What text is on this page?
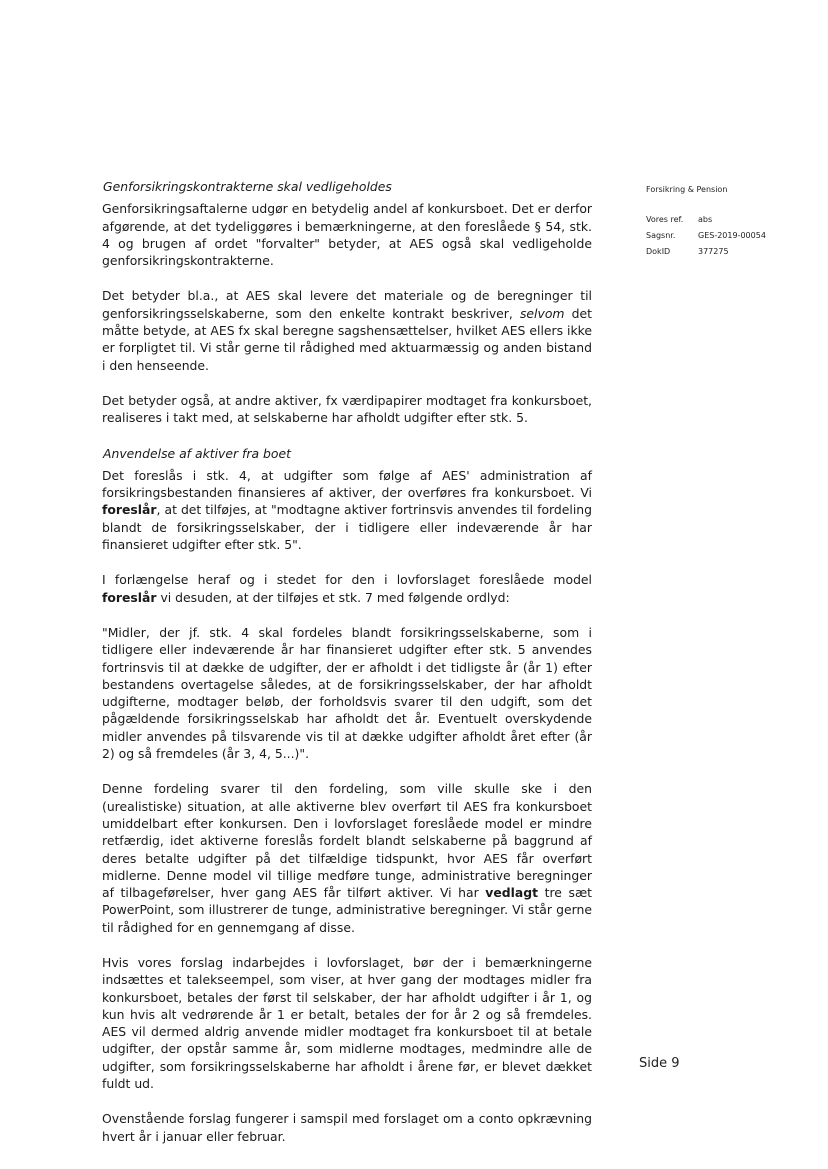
Forsikring & Pension
Vores ref.	abs
Sagsnr.	GES-2019-00054
DokID	377275
Genforsikringskontrakterne skal vedligeholdes

Genforsikringsaftalerne udgør en betydelig andel af konkursboet. Det er derfor afgørende, at det tydeliggøres i bemærkningerne, at den foreslåede § 54, stk. 4 og brugen af ordet "forvalter" betyder, at AES også skal vedligeholde genforsikringskontrakterne.

Det betyder bl.a., at AES skal levere det materiale og de beregninger til genforsikringsselskaberne, som den enkelte kontrakt beskriver, selvom det måtte betyde, at AES fx skal beregne sagshensættelser, hvilket AES ellers ikke er forpligtet til. Vi står gerne til rådighed med aktuarmæssig og anden bistand i den henseende.

Det betyder også, at andre aktiver, fx værdipapirer modtaget fra konkursboet, realiseres i takt med, at selskaberne har afholdt udgifter efter stk. 5.

Anvendelse af aktiver fra boet

Det foreslås i stk. 4, at udgifter som følge af AES' administration af forsikringsbestanden finansieres af aktiver, der overføres fra konkursboet. Vi foreslår, at det tilføjes, at "modtagne aktiver fortrinsvis anvendes til fordeling blandt de forsikringsselskaber, der i tidligere eller indeværende år har finansieret udgifter efter stk. 5".

I forlængelse heraf og i stedet for den i lovforslaget foreslåede model foreslår vi desuden, at der tilføjes et stk. 7 med følgende ordlyd:

"Midler, der jf. stk. 4 skal fordeles blandt forsikringsselskaberne, som i tidligere eller indeværende år har finansieret udgifter efter stk. 5 anvendes fortrinsvis til at dække de udgifter, der er afholdt i det tidligste år (år 1) efter bestandens overtagelse således, at de forsikringsselskaber, der har afholdt udgifterne, modtager beløb, der forholdsvis svarer til den udgift, som det pågældende forsikringsselskab har afholdt det år. Eventuelt overskydende midler anvendes på tilsvarende vis til at dække udgifter afholdt året efter (år 2) og så fremdeles (år 3, 4, 5...)".

Denne fordeling svarer til den fordeling, som ville skulle ske i den (urealistiske) situation, at alle aktiverne blev overført til AES fra konkursboet umiddelbart efter konkursen. Den i lovforslaget foreslåede model er mindre retfærdig, idet aktiverne foreslås fordelt blandt selskaberne på baggrund af deres betalte udgifter på det tilfældige tidspunkt, hvor AES får overført midlerne. Denne model vil tillige medføre tunge, administrative beregninger af tilbageførelser, hver gang AES får tilført aktiver. Vi har vedlagt tre sæt PowerPoint, som illustrerer de tunge, administrative beregninger. Vi står gerne til rådighed for en gennemgang af disse.

Hvis vores forslag indarbejdes i lovforslaget, bør der i bemærkningerne indsættes et talekseempel, som viser, at hver gang der modtages midler fra konkursboet, betales der først til selskaber, der har afholdt udgifter i år 1, og kun hvis alt vedrørende år 1 er betalt, betales der for år 2 og så fremdeles. AES vil dermed aldrig anvende midler modtaget fra konkursboet til at betale udgifter, der opstår samme år, som midlerne modtages, medmindre alle de udgifter, som forsikringsselskaberne har afholdt i årene før, er blevet dækket fuldt ud.

Ovenstående forslag fungerer i samspil med forslaget om a conto opkrævning hvert år i januar eller februar.

Side 9
